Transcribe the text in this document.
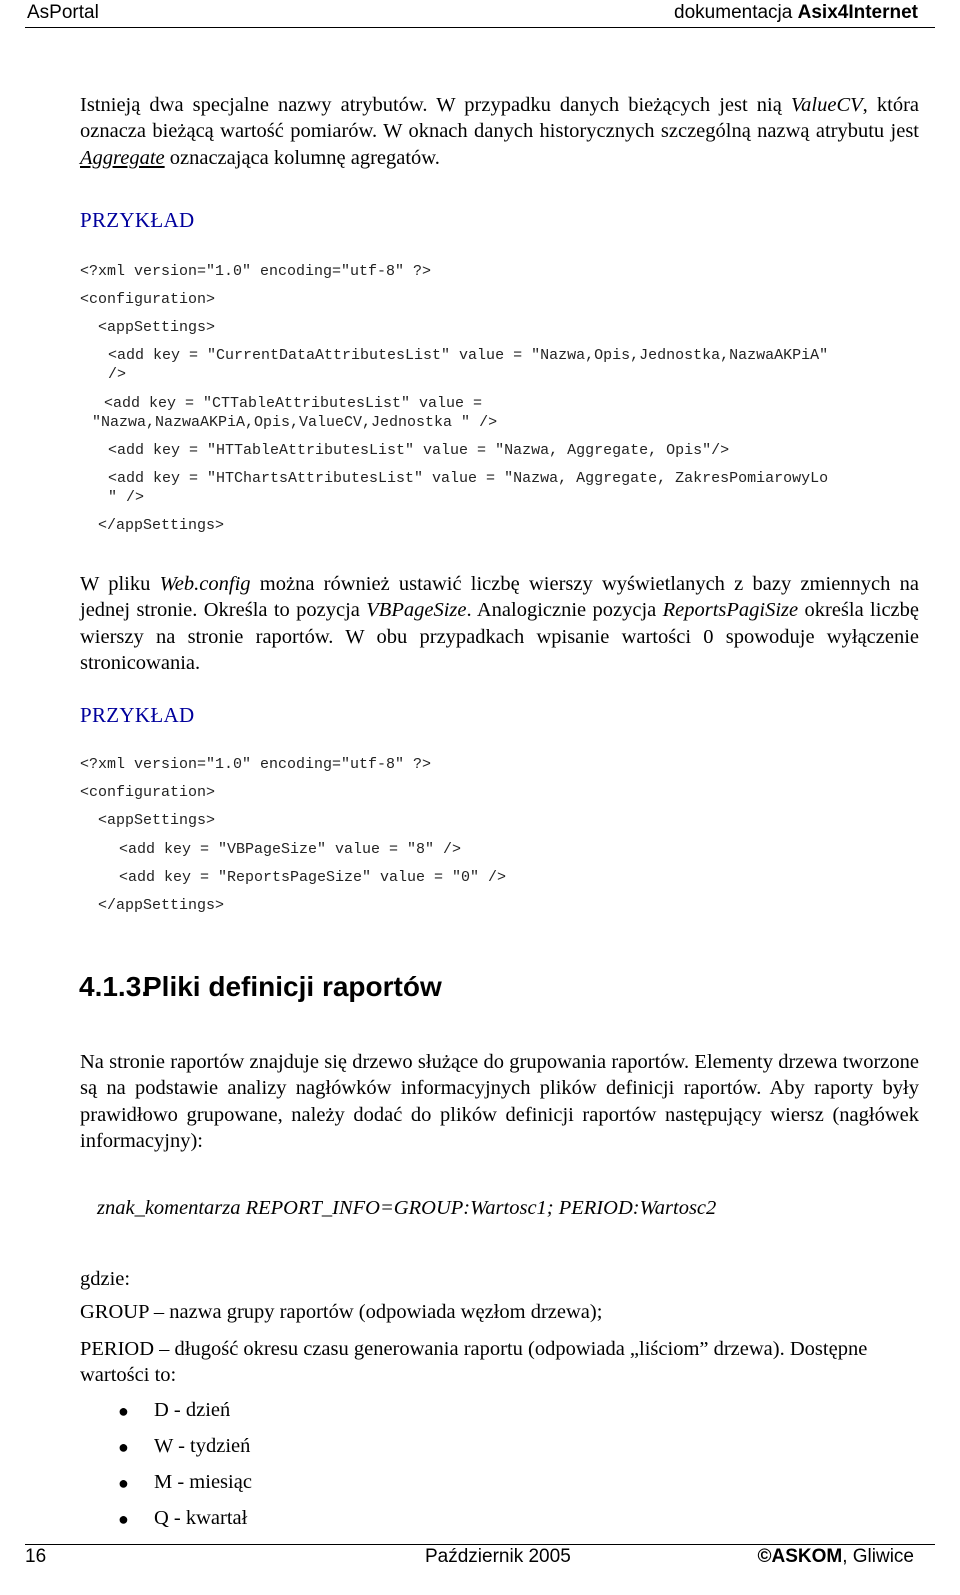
AsPortal	dokumentacja Asix4Internet
Istnieją dwa specjalne nazwy atrybutów. W przypadku danych bieżących jest nią ValueCV, która oznacza bieżącą wartość pomiarów. W oknach danych historycznych szczególną nazwą atrybutu jest Aggregate oznaczająca kolumnę agregatów.
PRZYKŁAD
<?xml version="1.0" encoding="utf-8" ?>
<configuration>
<appSettings>
<add key = "CurrentDataAttributesList" value = "Nazwa,Opis,Jednostka,NazwaAKPiA"
/>
<add key = "CTTableAttributesList" value =
"Nazwa,NazwaAKPiA,Opis,ValueCV,Jednostka " />
<add key = "HTTableAttributesList" value = "Nazwa, Aggregate, Opis"/>
<add key = "HTChartsAttributesList" value = "Nazwa, Aggregate, ZakresPomiarowyLo
" />
</appSettings>
W pliku Web.config można również ustawić liczbę wierszy wyświetlanych z bazy zmiennych na jednej stronie. Określa to pozycja VBPageSize. Analogicznie pozycja ReportsPagiSize określa liczbę wierszy na stronie raportów. W obu przypadkach wpisanie wartości 0 spowoduje wyłączenie stronicowania.
PRZYKŁAD
<?xml version="1.0" encoding="utf-8" ?>
<configuration>
<appSettings>
<add key = "VBPageSize" value = "8" />
<add key = "ReportsPageSize" value = "0" />
</appSettings>
4.1.3.
Pliki definicji raportów
Na stronie raportów znajduje się drzewo służące do grupowania raportów. Elementy drzewa tworzone są na podstawie analizy nagłówków informacyjnych plików definicji raportów. Aby raporty były prawidłowo grupowane, należy dodać do plików definicji raportów następujący wiersz (nagłówek informacyjny):
znak_komentarza REPORT_INFO=GROUP:Wartosc1; PERIOD:Wartosc2
gdzie:
GROUP – nazwa grupy raportów (odpowiada węzłom drzewa);
PERIOD – długość okresu czasu generowania raportu (odpowiada „liściom” drzewa). Dostępne wartości to:
● D - dzień
● W - tydzień
● M - miesiąc
● Q - kwartał
16	Październik 2005	©ASKOM, Gliwice
